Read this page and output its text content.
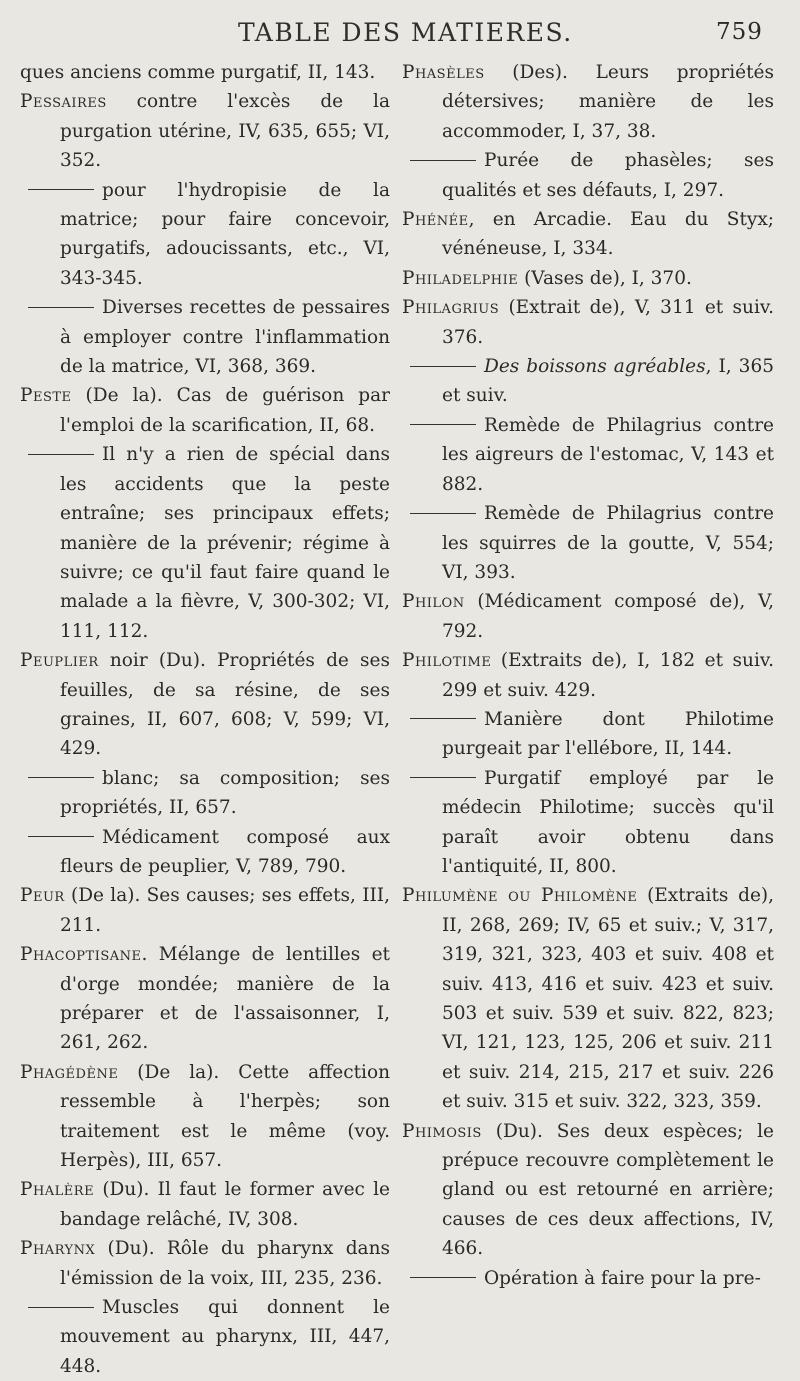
TABLE DES MATIERES.	759

ques anciens comme purgatif, II, 143.

Pessaires contre l'excès de la purgation utérine, IV, 635, 655; VI, 352.

pour l'hydropisie de la matrice; pour faire concevoir, purgatifs, adoucissants, etc., VI, 343-345.

Diverses recettes de pessaires à employer contre l'inflammation de la matrice, VI, 368, 369.

Peste (De la). Cas de guérison par l'emploi de la scarification, II, 68.

Il n'y a rien de spécial dans les accidents que la peste entraîne; ses principaux effets; manière de la prévenir; régime à suivre; ce qu'il faut faire quand le malade a la fièvre, V, 300-302; VI, 111, 112.

Peuplier noir (Du). Propriétés de ses feuilles, de sa résine, de ses graines, II, 607, 608; V, 599; VI, 429.

blanc; sa composition; ses propriétés, II, 657.

Médicament composé aux fleurs de peuplier, V, 789, 790.

Peur (De la). Ses causes; ses effets, III, 211.

Phacoptisane. Mélange de lentilles et d'orge mondée; manière de la préparer et de l'assaisonner, I, 261, 262.

Phagédène (De la). Cette affection ressemble à l'herpès; son traitement est le même (voy. Herpès), III, 657.

Phalère (Du). Il faut le former avec le bandage relâché, IV, 308.

Pharynx (Du). Rôle du pharynx dans l'émission de la voix, III, 235, 236.

Muscles qui donnent le mouvement au pharynx, III, 447, 448.

Phasèles (Des). Leurs propriétés détersives; manière de les accommoder, I, 37, 38.

Purée de phasèles; ses qualités et ses défauts, I, 297.

Phénée, en Arcadie. Eau du Styx; vénéneuse, I, 334.

Philadelphie (Vases de), I, 370.

Philagrius (Extrait de), V, 311 et suiv. 376.

Des boissons agréables, I, 365 et suiv.

Remède de Philagrius contre les aigreurs de l'estomac, V, 143 et 882.

Remède de Philagrius contre les squirres de la goutte, V, 554; VI, 393.

Philon (Médicament composé de), V, 792.

Philotime (Extraits de), I, 182 et suiv. 299 et suiv. 429.

Manière dont Philotime purgeait par l'ellébore, II, 144.

Purgatif employé par le médecin Philotime; succès qu'il paraît avoir obtenu dans l'antiquité, II, 800.

Philumène ou Philomène (Extraits de), II, 268, 269; IV, 65 et suiv.; V, 317, 319, 321, 323, 403 et suiv. 408 et suiv. 413, 416 et suiv. 423 et suiv. 503 et suiv. 539 et suiv. 822, 823; VI, 121, 123, 125, 206 et suiv. 211 et suiv. 214, 215, 217 et suiv. 226 et suiv. 315 et suiv. 322, 323, 359.

Phimosis (Du). Ses deux espèces; le prépuce recouvre complètement le gland ou est retourné en arrière; causes de ces deux affections, IV, 466.

Opération à faire pour la pre-
